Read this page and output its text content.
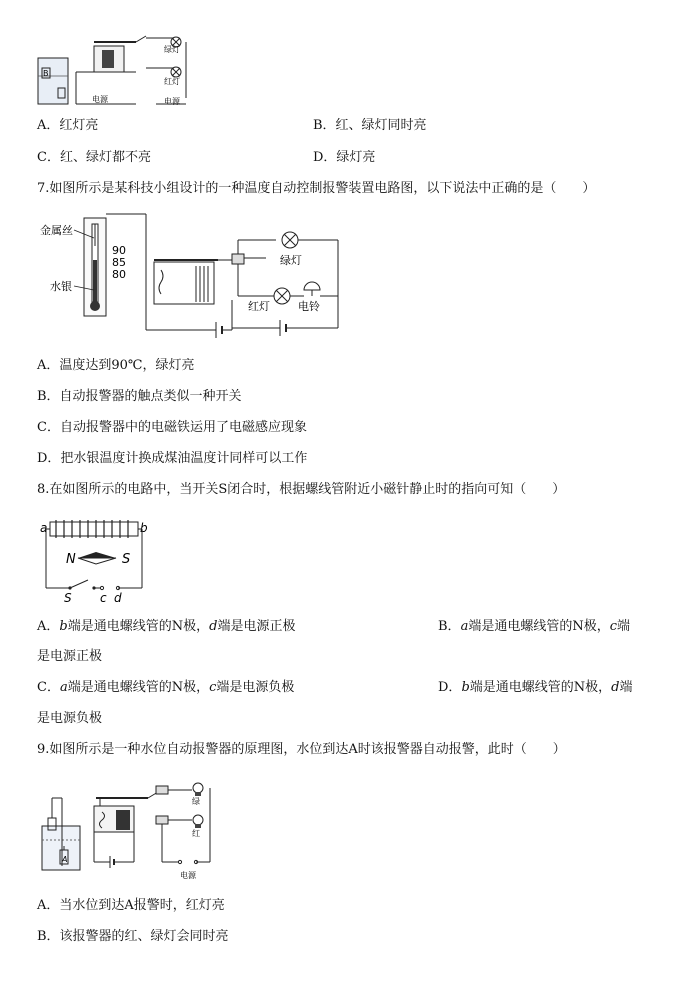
B
绿灯
红灯
电源	电源
A．红灯亮	B．红、绿灯同时亮
C．红、绿灯都不亮	D．绿灯亮
7.如图所示是某科技小组设计的一种温度自动控制报警装置电路图，以下说法中正确的是（　　）
90
85
80
金属丝
水银
绿灯
红灯	电铃
A．温度达到90℃，绿灯亮
B．自动报警器的触点类似一种开关
C．自动报警器中的电磁铁运用了电磁感应现象
D．把水银温度计换成煤油温度计同样可以工作
8.在如图所示的电路中，当开关S闭合时，根据螺线管附近小磁针静止时的指向可知（　　）
a	b
N	S
S c d
A．b端是通电螺线管的N极，d端是电源正极	B．a端是通电螺线管的N极，c端
是电源正极
C．a端是通电螺线管的N极，c端是电源负极	D．b端是通电螺线管的N极，d端
是电源负极
9.如图所示是一种水位自动报警器的原理图，水位到达A时该报警器自动报警，此时（　　）
A
绿
红
电源
A．当水位到达A报警时，红灯亮
B．该报警器的红、绿灯会同时亮
